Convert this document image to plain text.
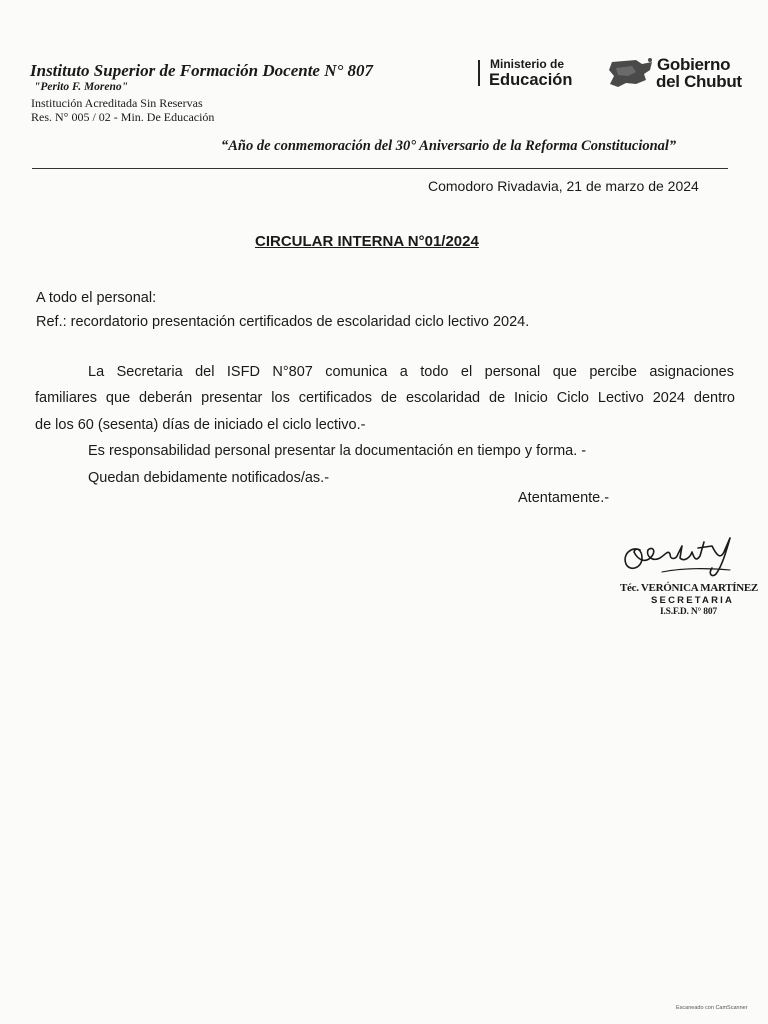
Instituto Superior de Formación Docente N° 807
"Perito F. Moreno"
Institución Acreditada Sin Reservas
Res. N° 005 / 02 - Min. De Educación
Ministerio de
Educación
Gobierno
del Chubut
“Año de conmemoración del 30° Aniversario de la Reforma Constitucional”
Comodoro Rivadavia, 21 de marzo de 2024
CIRCULAR INTERNA N°01/2024
A todo el personal:
Ref.: recordatorio presentación certificados de escolaridad ciclo lectivo 2024.
La Secretaria del ISFD N°807 comunica a todo el personal que percibe asignaciones
familiares que deberán presentar los certificados de escolaridad de Inicio Ciclo Lectivo 2024 dentro
de los 60 (sesenta) días de iniciado el ciclo lectivo.-
Es responsabilidad personal presentar la documentación en tiempo y forma. -
Quedan debidamente notificados/as.-
Atentamente.-
Téc. VERÓNICA MARTÍNEZ
SECRETARIA
I.S.F.D. N° 807
Escaneado con CamScanner
